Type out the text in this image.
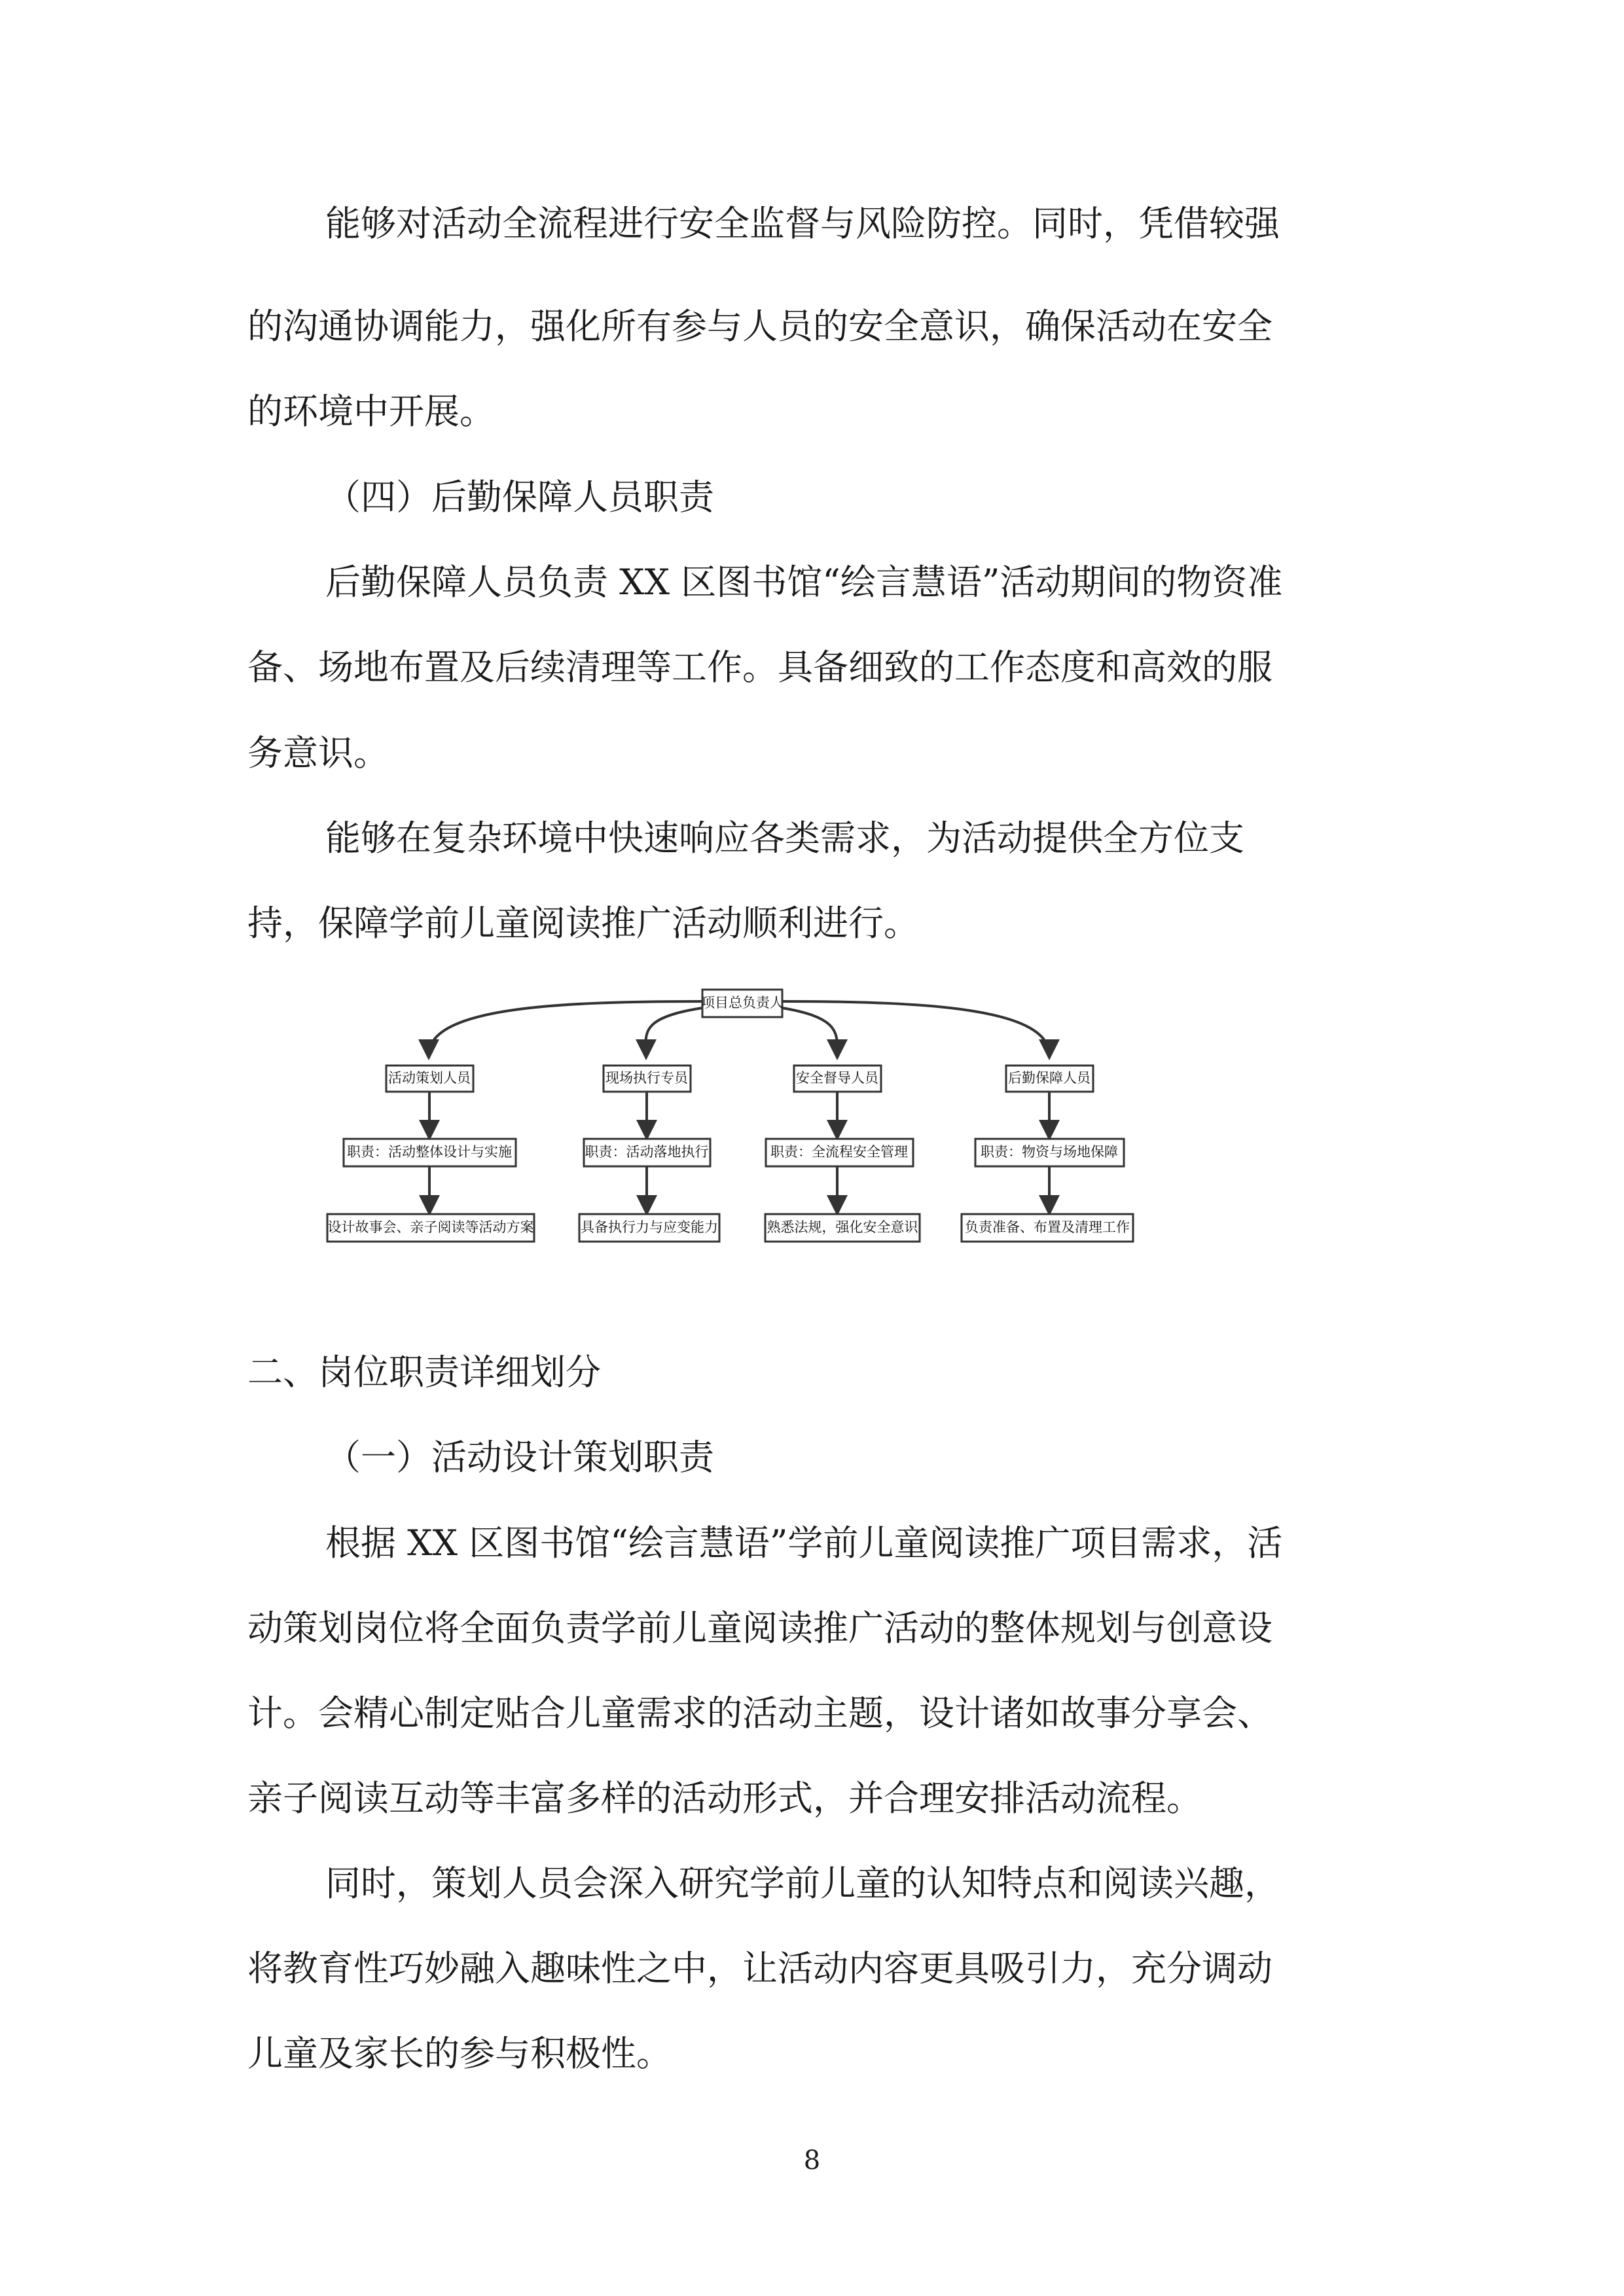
能够对活动全流程进行安全监督与风险防控。同时，凭借较强

的沟通协调能力，强化所有参与人员的安全意识，确保活动在安全

的环境中开展。

（四）后勤保障人员职责

后勤保障人员负责 XX 区图书馆“绘言慧语”活动期间的物资准

备、场地布置及后续清理等工作。具备细致的工作态度和高效的服

务意识。

能够在复杂环境中快速响应各类需求，为活动提供全方位支

持，保障学前儿童阅读推广活动顺利进行。

项目总负责人
活动策划人员
职责：活动整体设计与实施
设计故事会、亲子阅读等活动方案
现场执行专员
职责：活动落地执行
具备执行力与应变能力
安全督导人员
职责：全流程安全管理
熟悉法规，强化安全意识
后勤保障人员
职责：物资与场地保障
负责准备、布置及清理工作

二、岗位职责详细划分

（一）活动设计策划职责

根据 XX 区图书馆“绘言慧语”学前儿童阅读推广项目需求，活

动策划岗位将全面负责学前儿童阅读推广活动的整体规划与创意设

计。会精心制定贴合儿童需求的活动主题，设计诸如故事分享会、

亲子阅读互动等丰富多样的活动形式，并合理安排活动流程。

同时，策划人员会深入研究学前儿童的认知特点和阅读兴趣，

将教育性巧妙融入趣味性之中，让活动内容更具吸引力，充分调动

儿童及家长的参与积极性。

8
